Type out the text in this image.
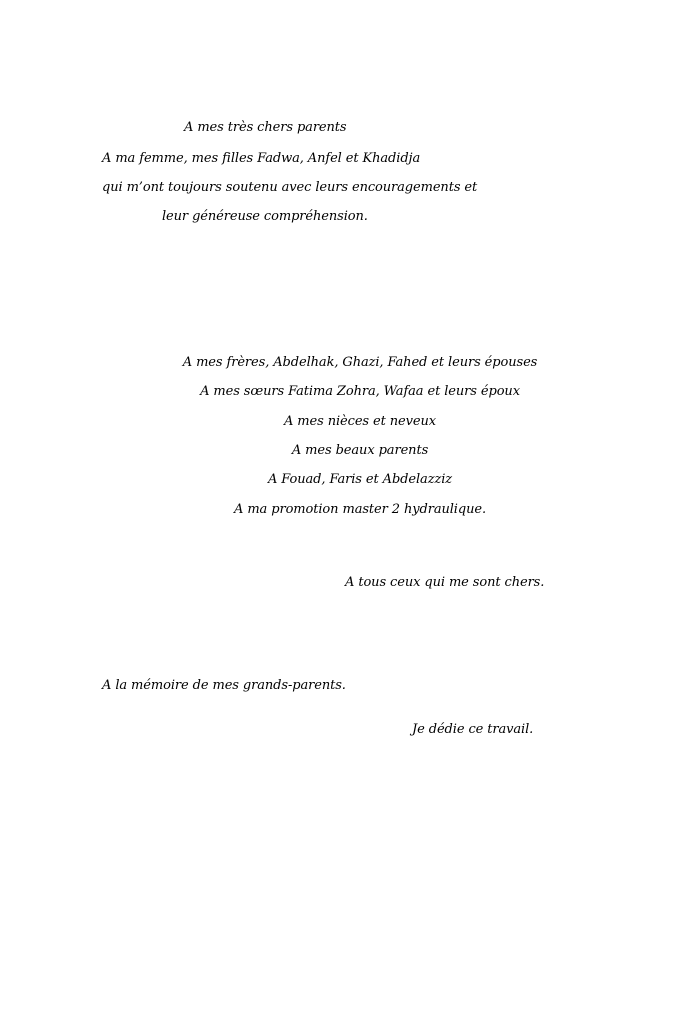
A mes très chers parents
A ma femme, mes filles Fadwa, Anfel et Khadidja
qui m’ont toujours soutenu avec leurs encouragements et
leur généreuse compréhension.
A mes frères, Abdelhak, Ghazi, Fahed et leurs épouses
A mes sœurs Fatima Zohra, Wafaa et leurs époux
A mes nièces et neveux
A mes beaux parents
A Fouad, Faris et Abdelazziz
A ma promotion master 2 hydraulique.
A tous ceux qui me sont chers.
A la mémoire de mes grands-parents.
Je dédie ce travail.
